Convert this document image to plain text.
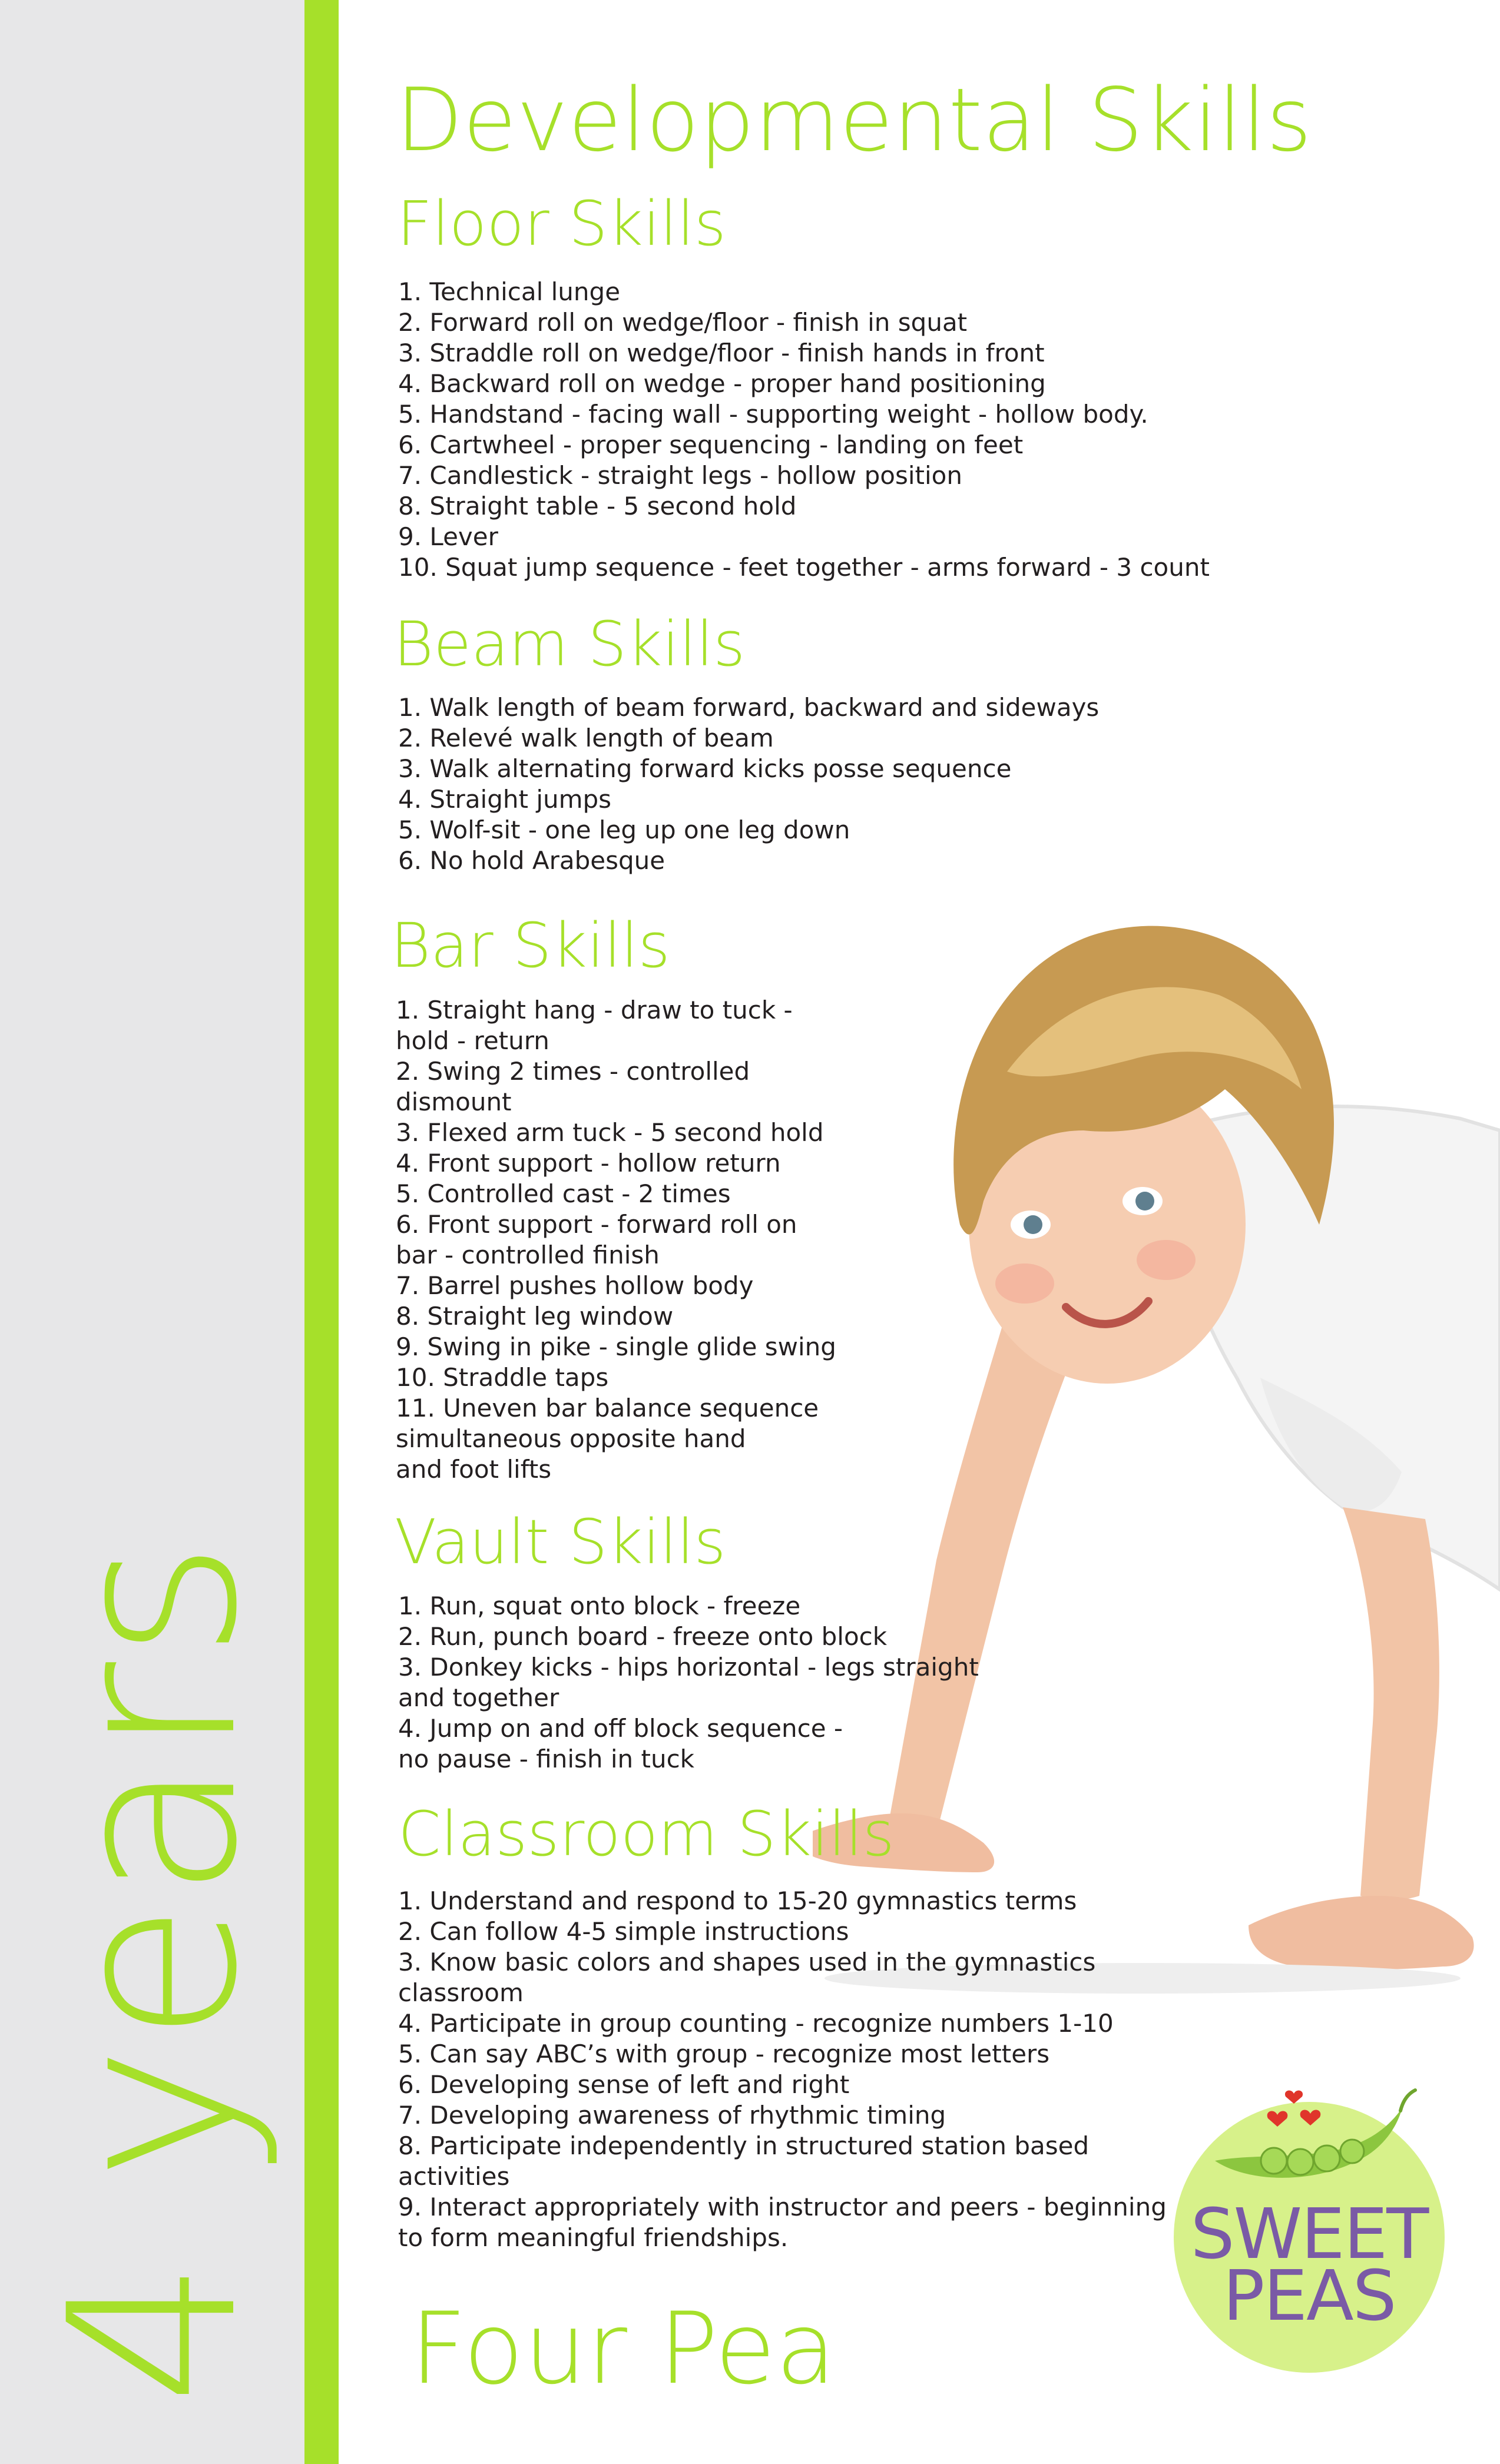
4 years
Developmental Skills
Floor Skills
1. Technical lunge
2. Forward roll on wedge/floor - finish in squat
3. Straddle roll on wedge/floor - finish hands in front
4. Backward roll on wedge - proper hand positioning
5. Handstand - facing wall - supporting weight - hollow body.
6. Cartwheel - proper sequencing - landing on feet
7. Candlestick - straight legs - hollow position
8. Straight table - 5 second hold
9. Lever
10. Squat jump sequence - feet together - arms forward - 3 count
Beam Skills
1. Walk length of beam forward, backward and sideways
2. Relevé walk length of beam
3. Walk alternating forward kicks posse sequence
4. Straight jumps
5. Wolf-sit - one leg up one leg down
6. No hold Arabesque
Bar Skills
1. Straight hang - draw to tuck -
hold - return
2. Swing 2 times - controlled
dismount
3. Flexed arm tuck - 5 second hold
4. Front support - hollow return
5. Controlled cast - 2 times
6. Front support - forward roll on
bar - controlled finish
7. Barrel pushes hollow body
8. Straight leg window
9. Swing in pike - single glide swing
10. Straddle taps
11. Uneven bar balance sequence
simultaneous opposite hand
and foot lifts
Vault Skills
1. Run, squat onto block - freeze
2. Run, punch board - freeze onto block
3. Donkey kicks - hips horizontal - legs straight
and together
4. Jump on and off block sequence -
no pause - finish in tuck
Classroom Skills
1. Understand and respond to 15-20 gymnastics terms
2. Can follow 4-5 simple instructions
3. Know basic colors and shapes used in the gymnastics
classroom
4. Participate in group counting - recognize numbers 1-10
5. Can say ABC’s with group - recognize most letters
6. Developing sense of left and right
7. Developing awareness of rhythmic timing
8. Participate independently in structured station based
activities
9. Interact appropriately with instructor and peers - beginning
to form meaningful friendships.
Four Pea
SWEET
PEAS
